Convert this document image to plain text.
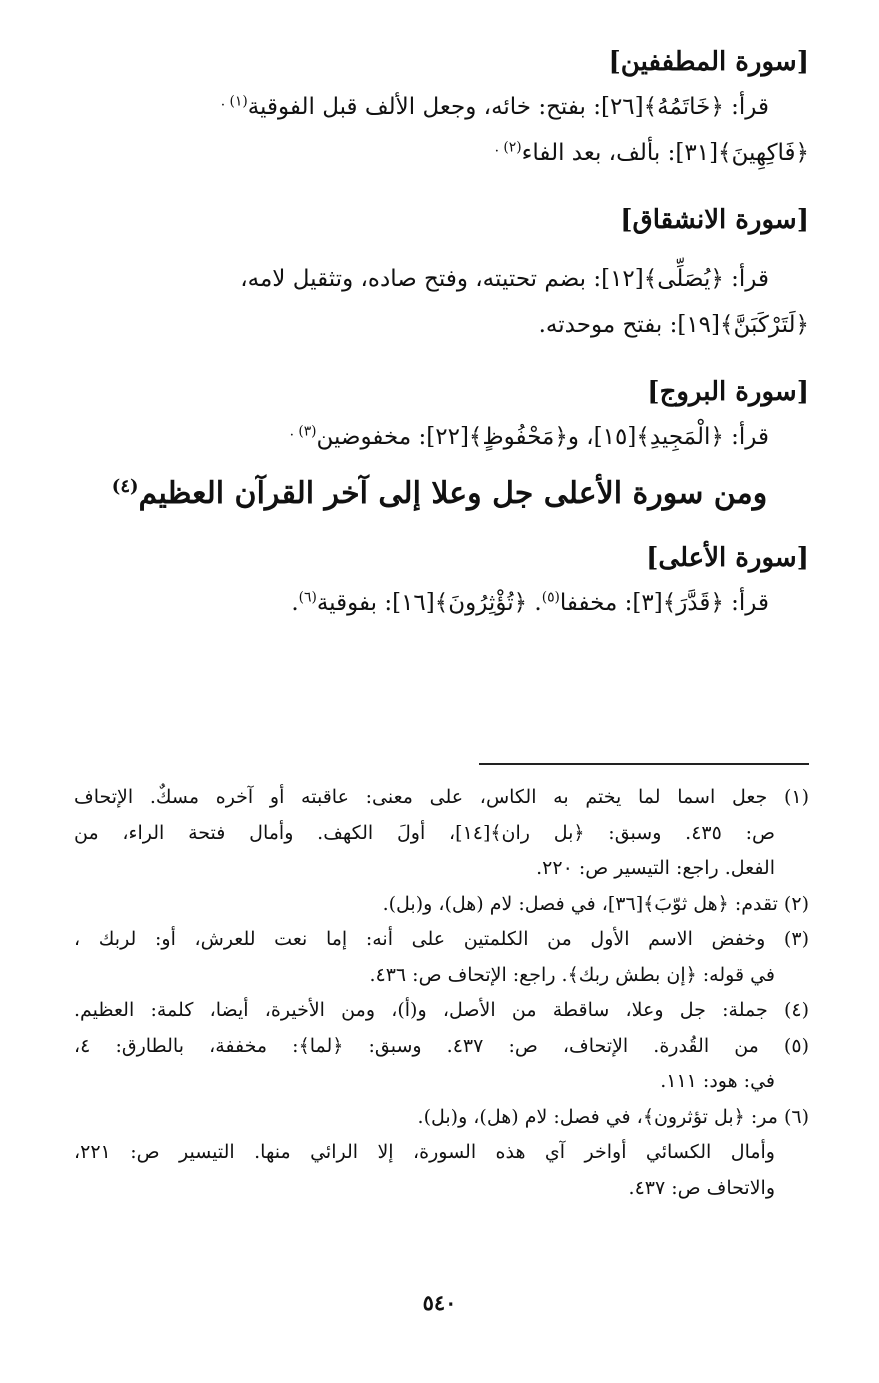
[سورة المطففين]

قرأ: ﴿خَاتَمُهُ﴾[٢٦]: بفتح: خائه، وجعل الألف قبل الفوقية$^{(١) .}$

﴿فَاكِهِينَ﴾[٣١]: بألف، بعد الفاء$^{(٢) .}$

[سورة الانشقاق]

قرأ: ﴿يُصَلِّى﴾[١٢]: بضم تحتيته، وفتح صاده، وتثقيل لامه،

﴿لَتَرْكَبَنَّ﴾[١٩]: بفتح موحدته.

[سورة البروج]

قرأ: ﴿الْمَجِيدِ﴾[١٥]، و﴿مَحْفُوظٍ﴾[٢٢]: مخفوضين$^{(٣) .}$

ومن سورة الأعلى جل وعلا إلى آخر القرآن العظيم$^{(٤)}$

[سورة الأعلى]

قرأ: ﴿قَدَّرَ﴾[٣]: مخففا$^{(٥)}$. ﴿تُؤْثِرُونَ﴾[١٦]: بفوقية$^{(٦)}$.

(١) جعل اسما لما يختم به الكاس، على معنى: عاقبته أو آخره مسكٌ. الإتحاف

ص: ٤٣٥. وسبق: ﴿بل ران﴾[١٤]، أولَ الكهف. وأمال فتحة الراء، من

الفعل. راجع: التيسير ص: ٢٢٠.

(٢) تقدم: ﴿هل ثوّبَ﴾[٣٦]، في فصل: لام (هل)، و(بل).

(٣) وخفض الاسم الأول من الكلمتين على أنه: إما نعت للعرش، أو: لربك ،

في قوله: ﴿إن بطش ربك﴾. راجع: الإتحاف ص: ٤٣٦.

(٤) جملة: جل وعلا، ساقطة من الأصل، و(أ)، ومن الأخيرة، أيضا، كلمة: العظيم.

(٥) من القُدرة. الإتحاف، ص: ٤٣٧. وسبق: ﴿لما﴾: مخففة، بالطارق: ٤،

في: هود: ١١١.

(٦) مر: ﴿بل تؤثرون﴾، في فصل: لام (هل)، و(بل).

وأمال الكسائي أواخر آي هذه السورة، إلا الرائي منها. التيسير ص: ٢٢١،

والاتحاف ص: ٤٣٧.

٥٤٠
